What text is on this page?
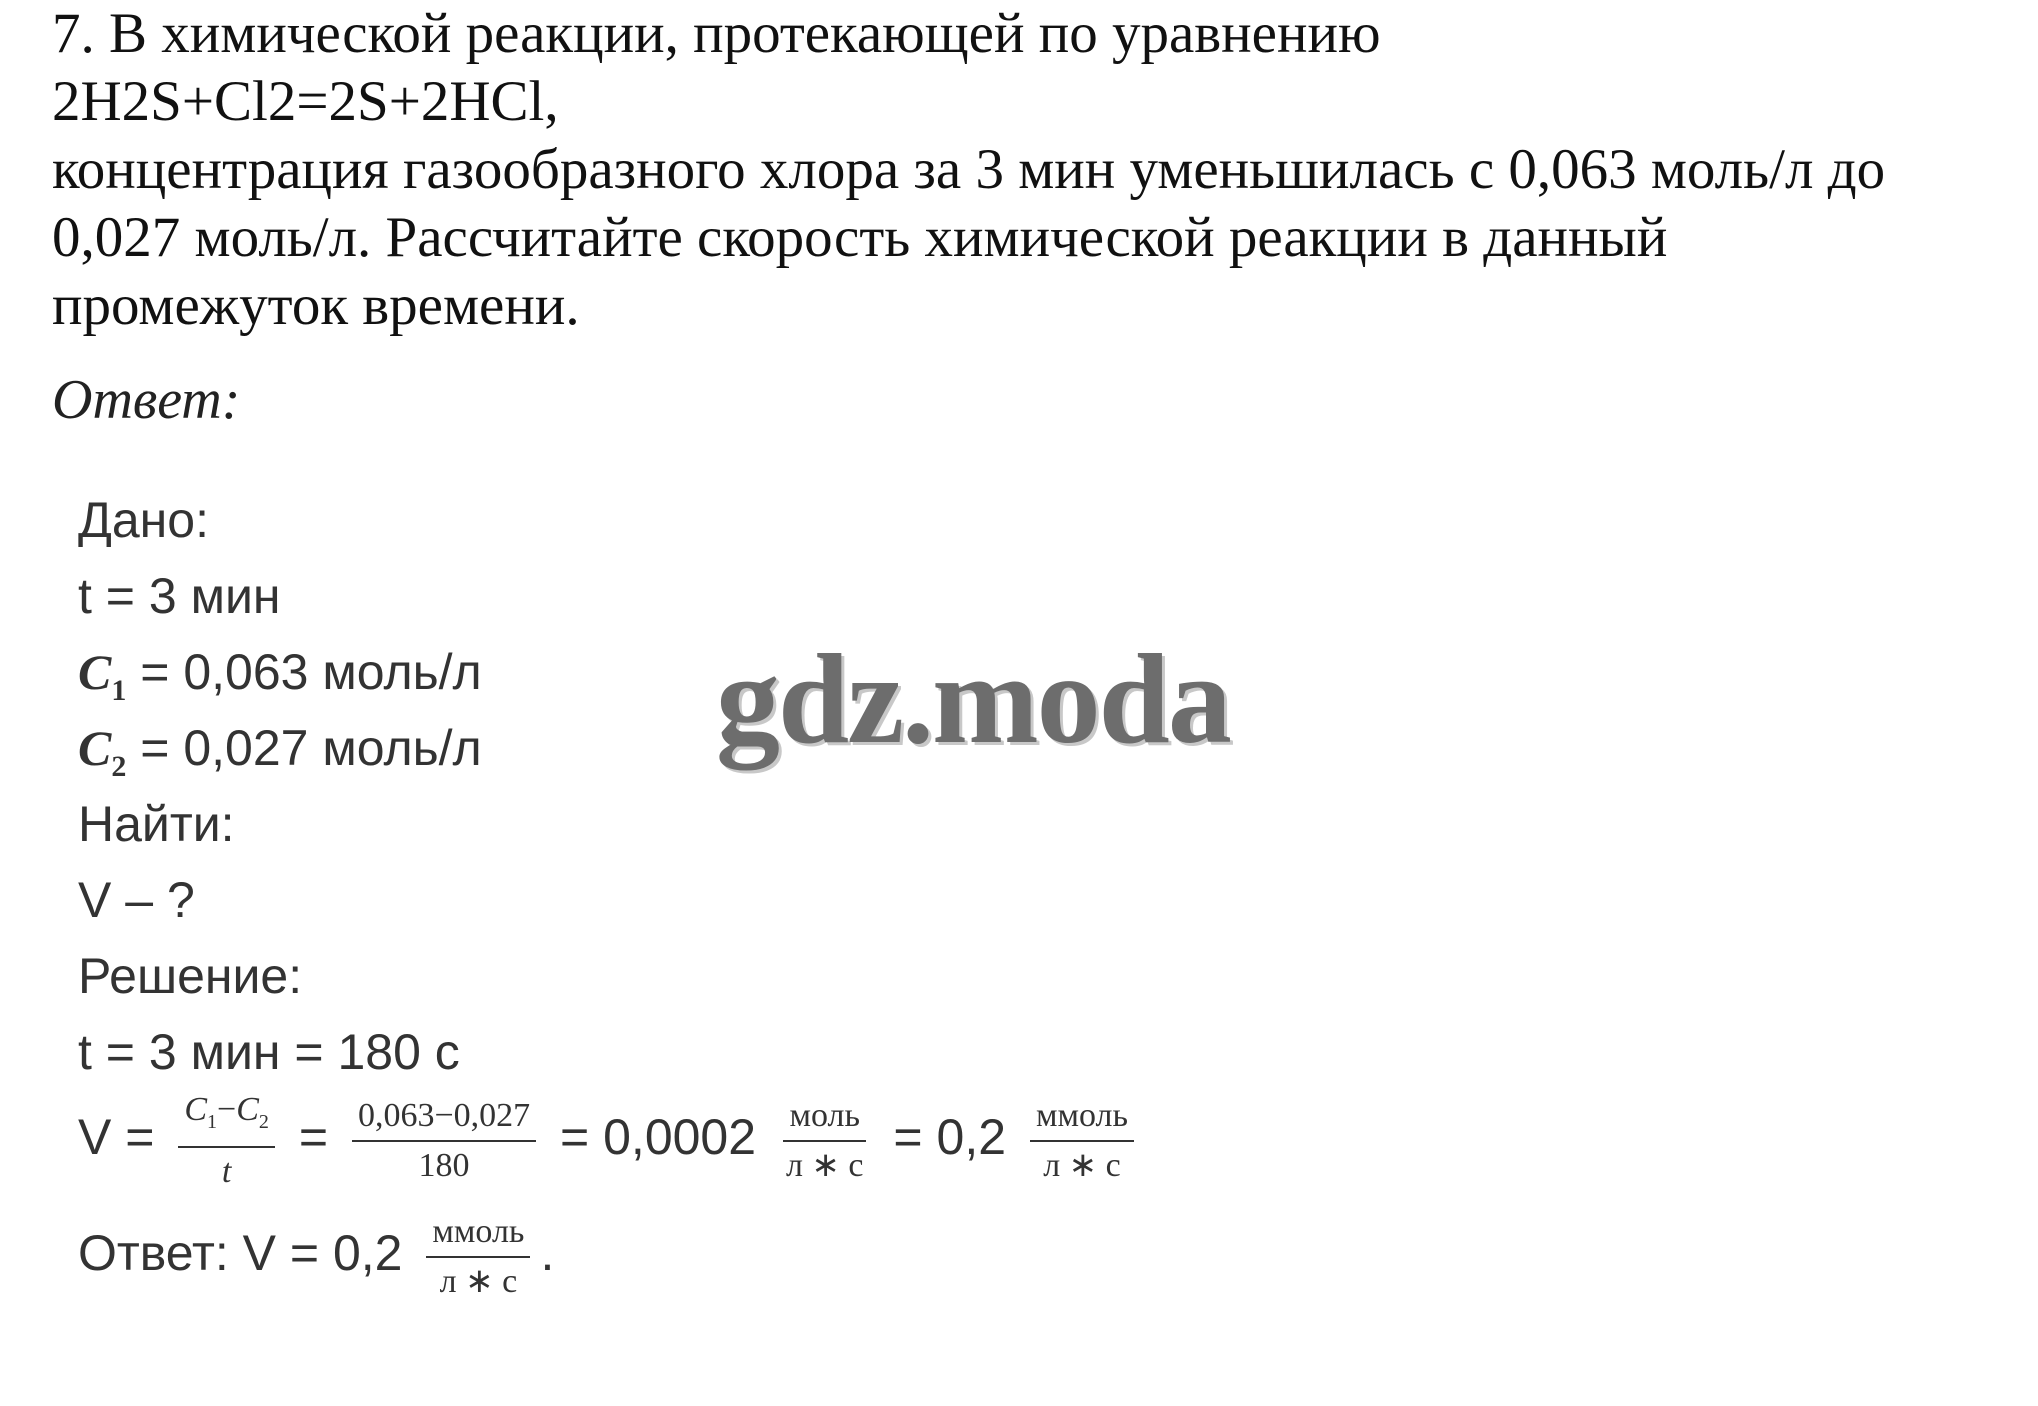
7. В химической реакции, протекающей по уравнению
2H2S+Cl2=2S+2HCl,
концентрация газообразного хлора за 3 мин уменьшилась с 0,063 моль/л до
0,027 моль/л. Рассчитайте скорость химической реакции в данный
промежуток времени.
Ответ:
Дано:
t = 3 мин
$C_1 = 0,063$ моль/л
$C_2 = 0,027$ моль/л
Найти:
V – ?
Решение:
t = 3 мин = 180 с
$V = \frac{C_1-C_2}{t} = \frac{0,063-0,027}{180} = 0,0002 \frac{\text{моль}}{л ∗ с} = 0,2 \frac{\text{ммоль}}{л ∗ с}$
Ответ: $V = 0,2 \frac{\text{ммоль}}{л ∗ с}$ .
gdz.moda
